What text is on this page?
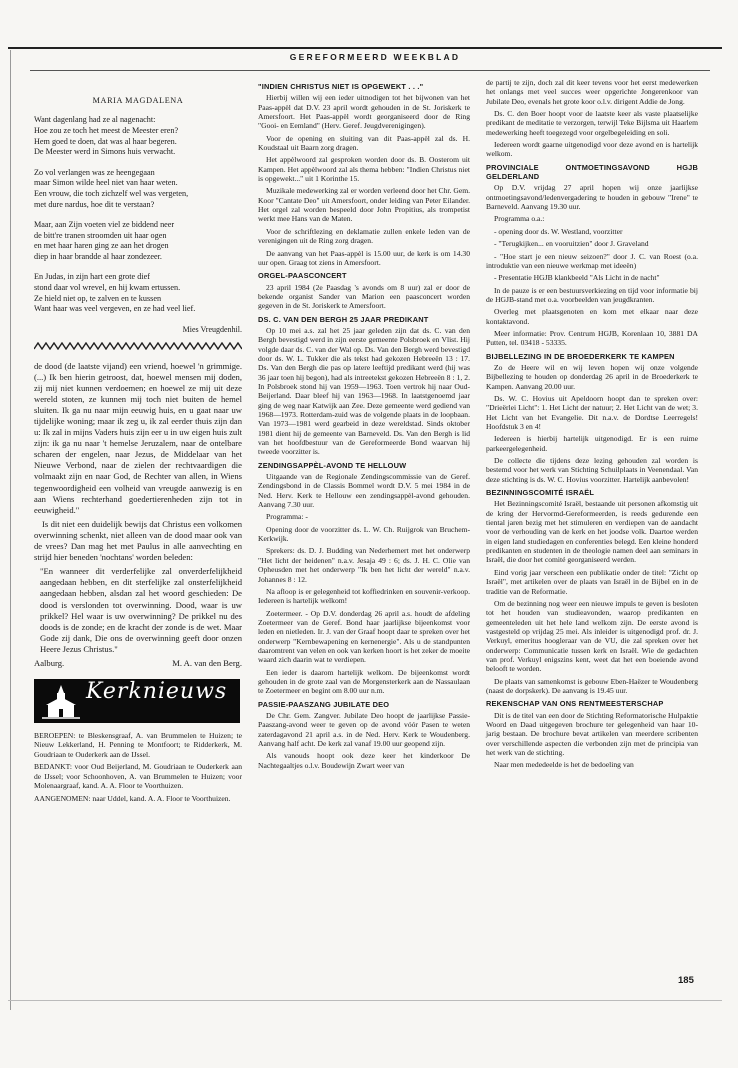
GEREFORMEERD WEEKBLAD
MARIA MAGDALENA
Want dagenlang had ze al nagenacht:
Hoe zou ze toch het meest de Meester eren?
Hem goed te doen, dat was al haar begeren.
De Meester werd in Simons huis verwacht.
Zo vol verlangen was ze heengegaan
maar Simon wilde heel niet van haar weten.
Een vrouw, die toch zichzelf wel was vergeten,
met dure nardus, hoe dit te verstaan?
Maar, aan Zijn voeten viel ze biddend neer
de bitt're tranen stroomden uit haar ogen
en met haar haren ging ze aan het drogen
diep in haar brandde al haar zondezeer.
En Judas, in zijn hart een grote dief
stond daar vol wrevel, en hij kwam ertussen.
Ze hield niet op, te zalven en te kussen
Want haar was veel vergeven, en ze had veel lief.
Mies Vreugdenhil.

de dood (de laatste vijand) een vriend, hoewel 'n grimmige. (...) Ik ben hierin getroost, dat, hoewel mensen mij doden, zij mij niet kunnen verdoemen; en hoewel ze mij uit deze wereld stoten, ze kunnen mij toch niet buiten de hemel sluiten. Ik ga nu naar mijn eeuwig huis, en u gaat naar uw tijdelijke woning; maar ik zeg u, ik zal eerder thuis zijn dan u: Ik zal in mijns Vaders huis zijn eer u in uw eigen huis zult zijn: ik ga nu naar 't hemelse Jeruzalem, naar de ontelbare scharen der engelen, naar Jezus, de Middelaar van het Nieuwe Verbond, naar de zielen der rechtvaardigen die volmaakt zijn en naar God, de Rechter van allen, in Wiens tegenwoordigheid een volheid van vreugde aanwezig is en aan Wiens rechterhand goedertierenheden zijn tot in eeuwigheid."

Is dit niet een duidelijk bewijs dat Christus een volkomen overwinning schenkt, niet alleen van de dood maar ook van de vrees? Dan mag het met Paulus in alle aanvechting en strijd hier beneden 'nochtans' worden beleden:

"En wanneer dit verderfelijke zal onverderfelijkheid aangedaan hebben, en dit sterfelijke zal onsterfelijkheid aangedaan hebben, alsdan zal het woord geschieden: De dood is verslonden tot overwinning. Dood, waar is uw prikkel? Hel waar is uw overwinning? De prikkel nu des doods is de zonde; en de kracht der zonde is de wet. Maar Gode zij dank, Die ons de overwinning geeft door onzen Heere Jezus Christus."

Aalburg.	M. A. van den Berg.
Kerknieuws

BEROEPEN: te Bleskensgraaf, A. van Brummelen te Huizen; te Nieuw Lekkerland, H. Penning te Montfoort; te Ridderkerk, M. Goudriaan te Ouderkerk aan de IJssel.

BEDANKT: voor Oud Beijerland, M. Goudriaan te Ouderkerk aan de IJssel; voor Schoonhoven, A. van Brummelen te Huizen; voor Molenaargraaf, kand. A. A. Floor te Voorthuizen.

AANGENOMEN: naar Uddel, kand. A. A. Floor te Voorthuizen.

"INDIEN CHRISTUS NIET IS OPGEWEKT . . ."

Hierbij willen wij een ieder uitnodigen tot het bijwonen van het Paas-appèl dat D.V. 23 april wordt gehouden in de St. Joriskerk te Amersfoort. Het Paas-appèl wordt georganiseerd door de Ring "Gooi- en Eemland" (Herv. Geref. Jeugdverenigingen).

Voor de opening en sluiting van dit Paas-appèl zal ds. H. Koudstaal uit Baarn zorg dragen.

Het appèlwoord zal gesproken worden door ds. B. Oosterom uit Kampen. Het appèlwoord zal als thema hebben: "Indien Christus niet is opgewekt..." uit 1 Korinthe 15.

Muzikale medewerking zal er worden verleend door het Chr. Gem. Koor "Cantate Deo" uit Amersfoort, onder leiding van Peter Eilander. Het orgel zal worden bespeeld door John Propitius, als trompetist werkt mee Hans van de Maten.

Voor de schriftlezing en deklamatie zullen enkele leden van de verenigingen uit de Ring zorg dragen.

De aanvang van het Paas-appèl is 15.00 uur, de kerk is om 14.30 uur open. Graag tot ziens in Amersfoort.

ORGEL-PAASCONCERT

23 april 1984 (2e Paasdag 's avonds om 8 uur) zal er door de bekende organist Sander van Marion een paasconcert worden gegeven in de St. Joriskerk te Amersfoort.

DS. C. VAN DEN BERGH 25 JAAR PREDIKANT

Op 10 mei a.s. zal het 25 jaar geleden zijn dat ds. C. van den Bergh bevestigd werd in zijn eerste gemeente Polsbroek en Vlist. Hij volgde daar ds. C. van der Wal op. Ds. Van den Bergh werd bevestigd door ds. W. L. Tukker die als tekst had gekozen Hebreeën 13 : 17. Ds. Van den Bergh die pas op latere leeftijd predikant werd (hij was 36 jaar toen hij begon), had als intreetekst gekozen Hebreeën 8 : 1, 2. In Polsbroek stond hij van 1959—1963. Toen vertrok hij naar Oud-Beijerland. Daar bleef hij van 1963—1968. In laatstgenoemd jaar ging de weg naar Katwijk aan Zee. Deze gemeente werd gediend van 1968—1973. Rotterdam-zuid was de volgende plaats in de loopbaan. Van 1973—1981 werd gearbeid in deze wereldstad. Sinds oktober 1981 dient hij de gemeente van Barneveld. Ds. Van den Bergh is lid van het hoofdbestuur van de Gereformeerde Bond waarvan hij tweede voorzitter is.

ZENDINGSAPPÈL-AVOND TE HELLOUW

Uitgaande van de Regionale Zendingscommissie van de Geref. Zendingsbond in de Classis Bommel wordt D.V. 5 mei 1984 in de Ned. Herv. Kerk te Hellouw een zendingsappèl-avond gehouden. Aanvang 7.30 uur.

Programma: -

Opening door de voorzitter ds. L. W. Ch. Ruijgrok van Bruchem-Kerkwijk.

Sprekers: ds. D. J. Budding van Nederhemert met het onderwerp "Het licht der heidenen" n.a.v. Jesaja 49 : 6; ds. J. H. C. Olie van Opheusden met het onderwerp "Ik ben het licht der wereld" n.a.v. Johannes 8 : 12.

Na afloop is er gelegenheid tot koffiedrinken en souvenir-verkoop. Iedereen is hartelijk welkom!

Zoetermeer. - Op D.V. donderdag 26 april a.s. houdt de afdeling Zoetermeer van de Geref. Bond haar jaarlijkse bijeenkomst voor leden en nietleden. Ir. J. van der Graaf hoopt daar te spreken over het onderwerp "Kernbewapening en kernenergie". Als u de standpunten daaromtrent van velen en ook van kerken hoort is het zeker de moeite waard zich daarin wat te verdiepen.

Een ieder is daarom hartelijk welkom. De bijeenkomst wordt gehouden in de grote zaal van de Morgensterkerk aan de Nassaulaan te Zoetermeer en begint om 8.00 uur n.m.

PASSIE-PAASZANG JUBILATE DEO

De Chr. Gem. Zangver. Jubilate Deo hoopt de jaarlijkse Passie-Paaszang-avond weer te geven op de avond vóór Pasen te weten zaterdagavond 21 april a.s. in de Ned. Herv. Kerk te Woudenberg. Aanvang half acht. De kerk zal vanaf 19.00 uur geopend zijn.

Als vanouds hoopt ook deze keer het kinderkoor De Nachtegaaltjes o.l.v. Boudewijn Zwart weer van

de partij te zijn, doch zal dit keer tevens voor het eerst medewerken het onlangs met veel succes weer opgerichte Jongerenkoor van Jubilate Deo, evenals het grote koor o.l.v. dirigent Addie de Jong.

Ds. C. den Boer hoopt voor de laatste keer als vaste plaatselijke predikant de meditatie te verzorgen, terwijl Teke Bijlsma uit Haarlem medewerking heeft toegezegd voor orgelbegeleiding en soli.

Iedereen wordt gaarne uitgenodigd voor deze avond en is hartelijk welkom.

PROVINCIALE ONTMOETINGSAVOND HGJB GELDERLAND

Op D.V. vrijdag 27 april hopen wij onze jaarlijkse ontmoetingsavond/ledenvergadering te houden in gebouw "Irene" te Barneveld. Aanvang 19.30 uur.

Programma o.a.:

- opening door ds. W. Westland, voorzitter

- "Terugkijken... en vooruitzien" door J. Graveland

- "Hoe start je een nieuw seizoen?" door J. C. van Roest (o.a. introduktie van een nieuwe werkmap met ideeën)

- Presentatie HGJB klankbeeld "Als Licht in de nacht"

In de pauze is er een bestuursverkiezing en tijd voor informatie bij de HGJB-stand met o.a. voorbeelden van jeugdkranten.

Overleg met plaatsgenoten en kom met elkaar naar deze kontaktavond.

Meer informatie: Prov. Centrum HGJB, Korenlaan 10, 3881 DA Putten, tel. 03418 - 53335.

BIJBELLEZING IN DE BROEDERKERK TE KAMPEN

Zo de Heere wil en wij leven hopen wij onze volgende Bijbellezing te houden op donderdag 26 april in de Broederkerk te Kampen. Aanvang 20.00 uur.

Ds. W. C. Hovius uit Apeldoorn hoopt dan te spreken over: "Drieërlei Licht": 1. Het Licht der natuur; 2. Het Licht van de wet; 3. Het Licht van het Evangelie. Dit n.a.v. de Dordtse Leerregels! Hoofdstuk 3 en 4!

Iedereen is hierbij hartelijk uitgenodigd. Er is een ruime parkeergelegenheid.

De collecte die tijdens deze lezing gehouden zal worden is bestemd voor het werk van Stichting Schuilplaats in Veenendaal. Van deze stichting is ds. W. C. Hovius voorzitter. Hartelijk aanbevolen!

BEZINNINGSCOMITÉ ISRAËL

Het Bezinningscomité Israël, bestaande uit personen afkomstig uit de kring der Hervormd-Gereformeerden, is reeds gedurende een tiental jaren bezig met het stimuleren en verdiepen van de aandacht voor de verhouding van de kerk en het joodse volk. Daartoe werden in eigen land studiedagen en conferenties belegd. Een kleine honderd predikanten en studenten in de theologie namen deel aan seminars in Israël, die door het comité georganiseerd werden.

Eind vorig jaar verscheen een publikatie onder de titel: "Zicht op Israël", met artikelen over de plaats van Israël in de Bijbel en in de traditie van de Reformatie.

Om de bezinning nog weer een nieuwe impuls te geven is besloten tot het houden van studieavonden, waarop predikanten en gemeenteleden uit het hele land welkom zijn. De eerste avond is vastgesteld op vrijdag 25 mei. Als inleider is uitgenodigd prof. dr. J. Verkuyl, emeritus hoogleraar van de VU, die zal spreken over het onderwerp: Communicatie tussen kerk en Israël. Wie de gedachten van prof. Verkuyl enigszins kent, weet dat het een boeiende avond belooft te worden.

De plaats van samenkomst is gebouw Eben-Haëzer te Woudenberg (naast de dorpskerk). De aanvang is 19.45 uur.

REKENSCHAP VAN ONS RENTMEESTERSCHAP

Dit is de titel van een door de Stichting Reformatorische Hulpaktie Woord en Daad uitgegeven brochure ter gelegenheid van haar 10-jarig bestaan. De brochure bevat artikelen van meerdere scribenten over verschillende aspecten die verbonden zijn met de principia van het werk van de stichting.

Naar men mededeelde is het de bedoeling van

185
